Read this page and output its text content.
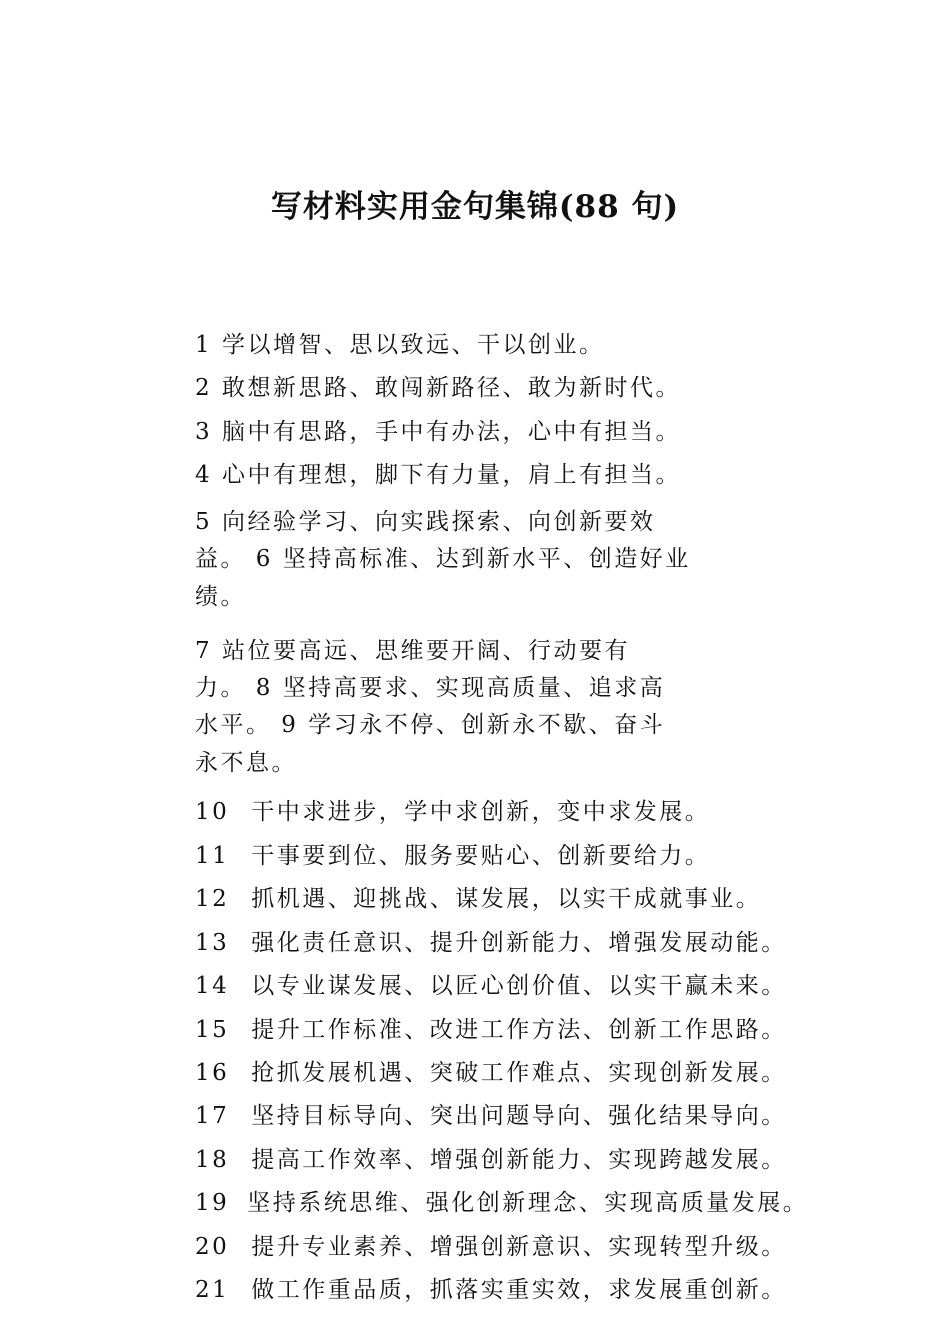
写材料实用金句集锦(88 句)

1 学以增智、思以致远、干以创业。

2 敢想新思路、敢闯新路径、敢为新时代。

3 脑中有思路，手中有办法，心中有担当。

4 心中有理想，脚下有力量，肩上有担当。

5 向经验学习、向实践探索、向创新要效

益。 6 坚持高标准、达到新水平、创造好业

绩。

7 站位要高远、思维要开阔、行动要有

力。 8 坚持高要求、实现高质量、追求高

水平。 9 学习永不停、创新永不歇、奋斗

永不息。

10 干中求进步，学中求创新，变中求发展。

11 干事要到位、服务要贴心、创新要给力。

12 抓机遇、迎挑战、谋发展，以实干成就事业。

13 强化责任意识、提升创新能力、增强发展动能。

14 以专业谋发展、以匠心创价值、以实干赢未来。

15 提升工作标准、改进工作方法、创新工作思路。

16 抢抓发展机遇、突破工作难点、实现创新发展。

17 坚持目标导向、突出问题导向、强化结果导向。

18 提高工作效率、增强创新能力、实现跨越发展。

19 坚持系统思维、强化创新理念、实现高质量发展。

20 提升专业素养、增强创新意识、实现转型升级。

21 做工作重品质，抓落实重实效，求发展重创新。
